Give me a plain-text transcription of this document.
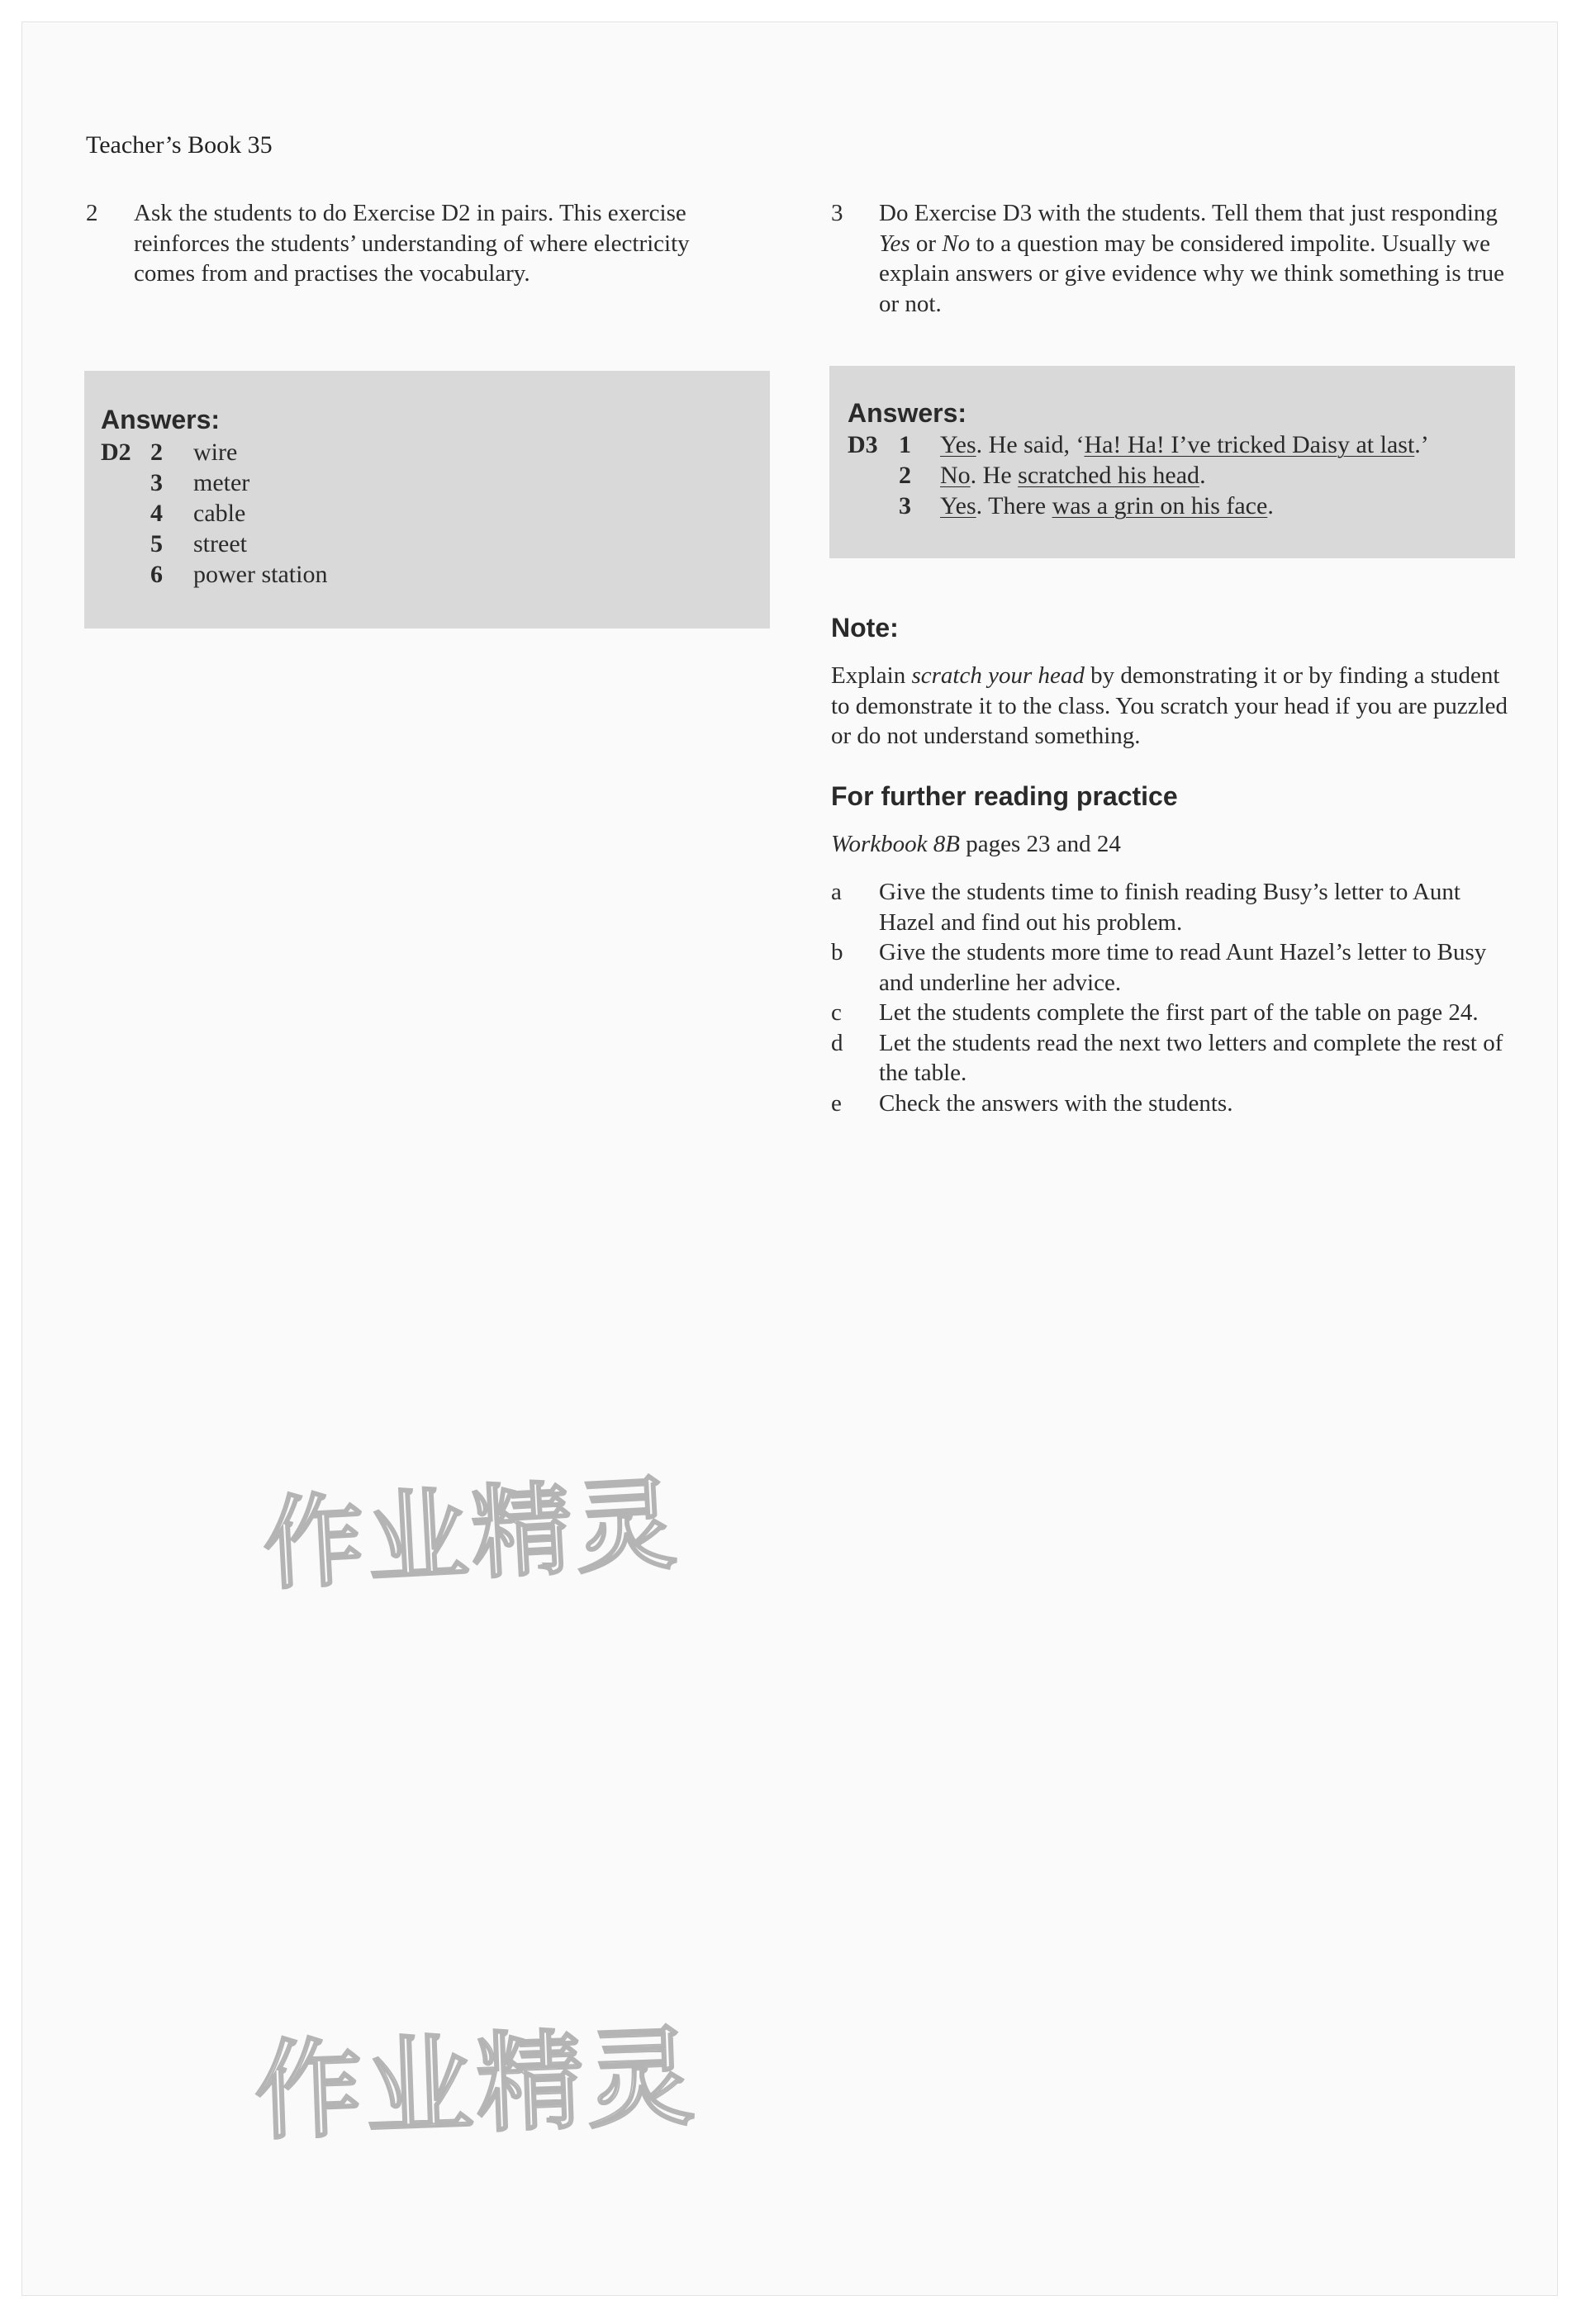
Teacher’s Book 35
2 Ask the students to do Exercise D2 in pairs. This exercise reinforces the students’ understanding of where electricity comes from and practises the vocabulary.
Answers:
D2 2 wire
3 meter
4 cable
5 street
6 power station
3 Do Exercise D3 with the students. Tell them that just responding Yes or No to a question may be considered impolite. Usually we explain answers or give evidence why we think something is true or not.
Answers:
D3 1 Yes. He said, ‘Ha! Ha! I’ve tricked Daisy at last.’
2 No. He scratched his head.
3 Yes. There was a grin on his face.
Note:
Explain scratch your head by demonstrating it or by finding a student to demonstrate it to the class. You scratch your head if you are puzzled or do not understand something.
For further reading practice
Workbook 8B pages 23 and 24
a Give the students time to finish reading Busy’s letter to Aunt Hazel and find out his problem.
b Give the students more time to read Aunt Hazel’s letter to Busy and underline her advice.
c Let the students complete the first part of the table on page 24.
d Let the students read the next two letters and complete the rest of the table.
e Check the answers with the students.
作业精灵
作业精灵
